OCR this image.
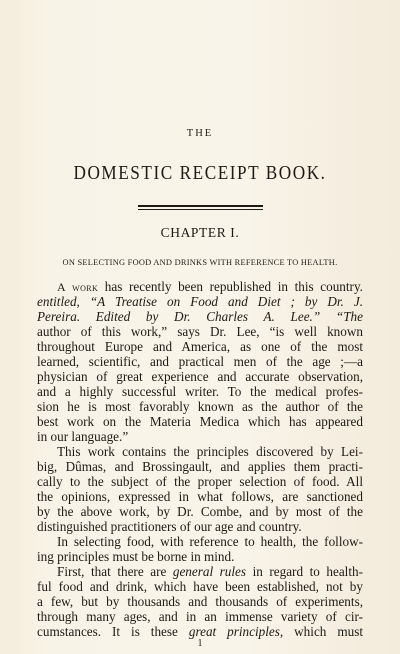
THE
DOMESTIC RECEIPT BOOK.
CHAPTER I.
ON SELECTING FOOD AND DRINKS WITH REFERENCE TO HEALTH.
A work has recently been republished in this country.
entitled, “A Treatise on Food and Diet ; by Dr. J.
Pereira. Edited by Dr. Charles A. Lee.” “The
author of this work,” says Dr. Lee, “is well known
throughout Europe and America, as one of the most
learned, scientific, and practical men of the age ;—a
physician of great experience and accurate observation,
and a highly successful writer. To the medical profes-
sion he is most favorably known as the author of the
best work on the Materia Medica which has appeared
in our language.”
This work contains the principles discovered by Lei-
big, Dûmas, and Brossingault, and applies them practi-
cally to the subject of the proper selection of food. All
the opinions, expressed in what follows, are sanctioned
by the above work, by Dr. Combe, and by most of the
distinguished practitioners of our age and country.
In selecting food, with reference to health, the follow-
ing principles must be borne in mind.
First, that there are general rules in regard to health-
ful food and drink, which have been established, not by
a few, but by thousands and thousands of experiments,
through many ages, and in an immense variety of cir-
cumstances. It is these great principles, which must
1
